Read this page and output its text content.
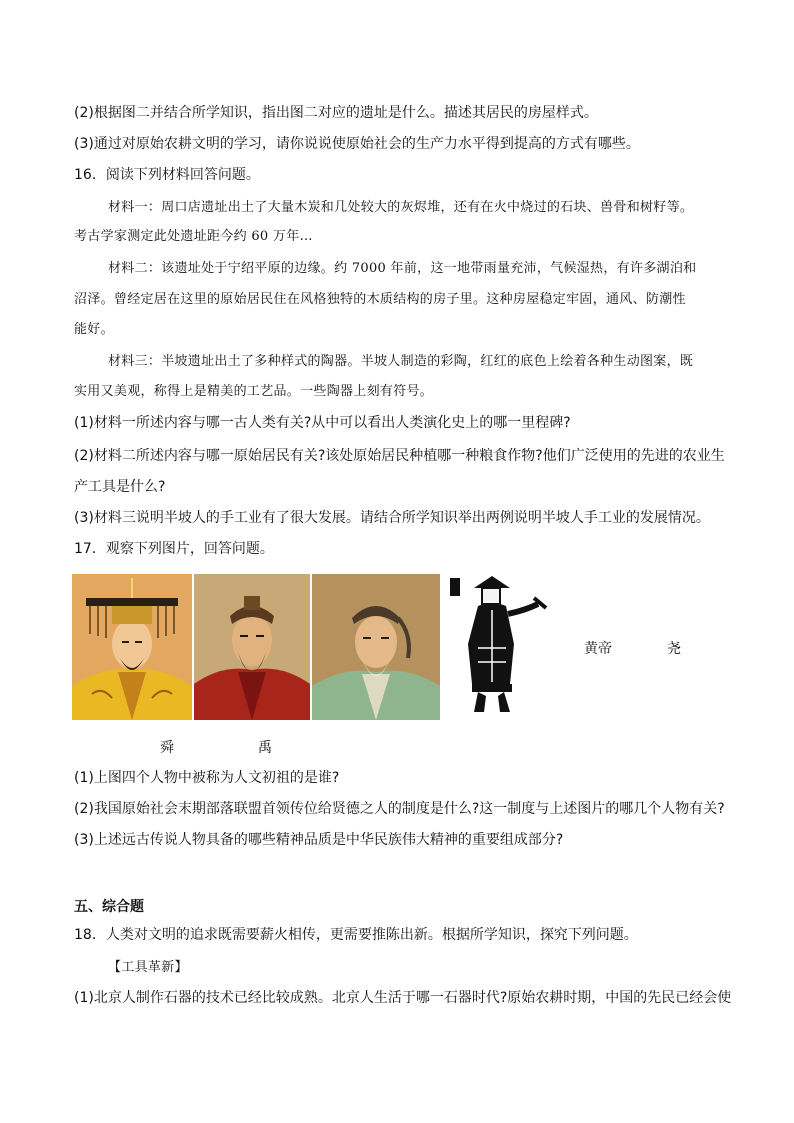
(2)根据图二并结合所学知识，指出图二对应的遗址是什么。描述其居民的房屋样式。
(3)通过对原始农耕文明的学习，请你说说使原始社会的生产力水平得到提高的方式有哪些。
16．阅读下列材料回答问题。
材料一：周口店遗址出土了大量木炭和几处较大的灰烬堆，还有在火中烧过的石块、兽骨和树籽等。
考古学家测定此处遗址距今约 60 万年…
材料二：该遗址处于宁绍平原的边缘。约 7000 年前，这一地带雨量充沛，气候湿热，有许多湖泊和
沼泽。曾经定居在这里的原始居民住在风格独特的木质结构的房子里。这种房屋稳定牢固，通风、防潮性
能好。
材料三：半坡遗址出土了多种样式的陶器。半坡人制造的彩陶，红红的底色上绘着各种生动图案，既
实用又美观，称得上是精美的工艺品。一些陶器上刻有符号。
(1)材料一所述内容与哪一古人类有关?从中可以看出人类演化史上的哪一里程碑?
(2)材料二所述内容与哪一原始居民有关?该处原始居民种植哪一种粮食作物?他们广泛使用的先进的农业生
产工具是什么?
(3)材料三说明半坡人的手工业有了很大发展。请结合所学知识举出两例说明半坡人手工业的发展情况。
17．观察下列图片，回答问题。
黄帝	尧
舜	禹
(1)上图四个人物中被称为人文初祖的是谁?
(2)我国原始社会末期部落联盟首领传位给贤德之人的制度是什么?这一制度与上述图片的哪几个人物有关?
(3)上述远古传说人物具备的哪些精神品质是中华民族伟大精神的重要组成部分?
五、综合题
18．人类对文明的追求既需要薪火相传，更需要推陈出新。根据所学知识，探究下列问题。
【工具革新】
(1)北京人制作石器的技术已经比较成熟。北京人生活于哪一石器时代?原始农耕时期，中国的先民已经会使
